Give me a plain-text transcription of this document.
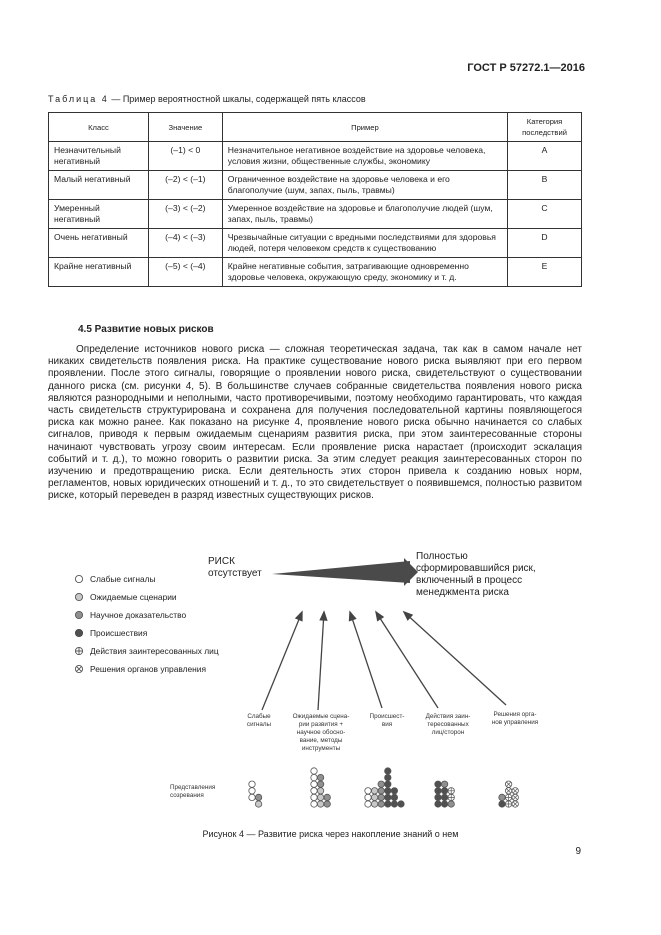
ГОСТ Р 57272.1—2016
Таблица 4 — Пример вероятностной шкалы, содержащей пять классов
Класс	Значение	Пример	Категория последствий
Незначительный негативный	(–1) < 0	Незначительное негативное воздействие на здоровье человека, условия жизни, общественные службы, экономику	A
Малый негативный	(–2) < (–1)	Ограниченное воздействие на здоровье человека и его благополучие (шум, запах, пыль, травмы)	B
Умеренный негативный	(–3) < (–2)	Умеренное воздействие на здоровье и благополучие людей (шум, запах, пыль, травмы)	C
Очень негативный	(–4) < (–3)	Чрезвычайные ситуации с вредными последствиями для здоровья людей, потеря человеком средств к существованию	D
Крайне негативный	(–5) < (–4)	Крайне негативные события, затрагивающие одновременно здоровье человека, окружающую среду, экономику и т. д.	E
4.5 Развитие новых рисков

Определение источников нового риска — сложная теоретическая задача, так как в самом начале нет никаких свидетельств появления риска. На практике существование нового риска выявляют при его первом проявлении. После этого сигналы, говорящие о проявлении нового риска, свидетельствуют о существовании данного риска (см. рисунки 4, 5). В большинстве случаев собранные свидетельства появления нового риска являются разнородными и неполными, часто противоречивыми, поэтому необходимо гарантировать, что каждая часть свидетельств структурирована и сохранена для получения последовательной картины появляющегося риска как можно ранее. Как показано на рисунке 4, проявление нового риска обычно начинается со слабых сигналов, приводя к первым ожидаемым сценариям развития риска, при этом заинтересованные стороны начинают чувствовать угрозу своим интересам. Если проявление риска нарастает (происходит эскалация событий и т. д.), то можно говорить о развитии риска. За этим следует реакция заинтересованных сторон по изучению и предотвращению риска. Если деятельность этих сторон привела к созданию новых норм, регламентов, новых юридических отношений и т. д., то это свидетельствует о появившемся, полностью развитом риске, который переведен в разряд известных существующих рисков.

РИСК
отсутствует
Полностью
сформировавшийся риск,
включенный в процесс
менеджмента риска
Слабые сигналы
Ожидаемые сценарии
Научное доказательство
Происшествия
Действия заинтересованных лиц
Решения органов управления
Слабые
сигналы
Ожидаемые сцена-
рии развития +
научное обосно-
вание, методы
инструменты
Происшест-
вия
Действия заин-
тересованных
лиц/сторон
Решения орга-
нов управления
Представления
созревания
Рисунок 4 — Развитие риска через накопление знаний о нем
9
